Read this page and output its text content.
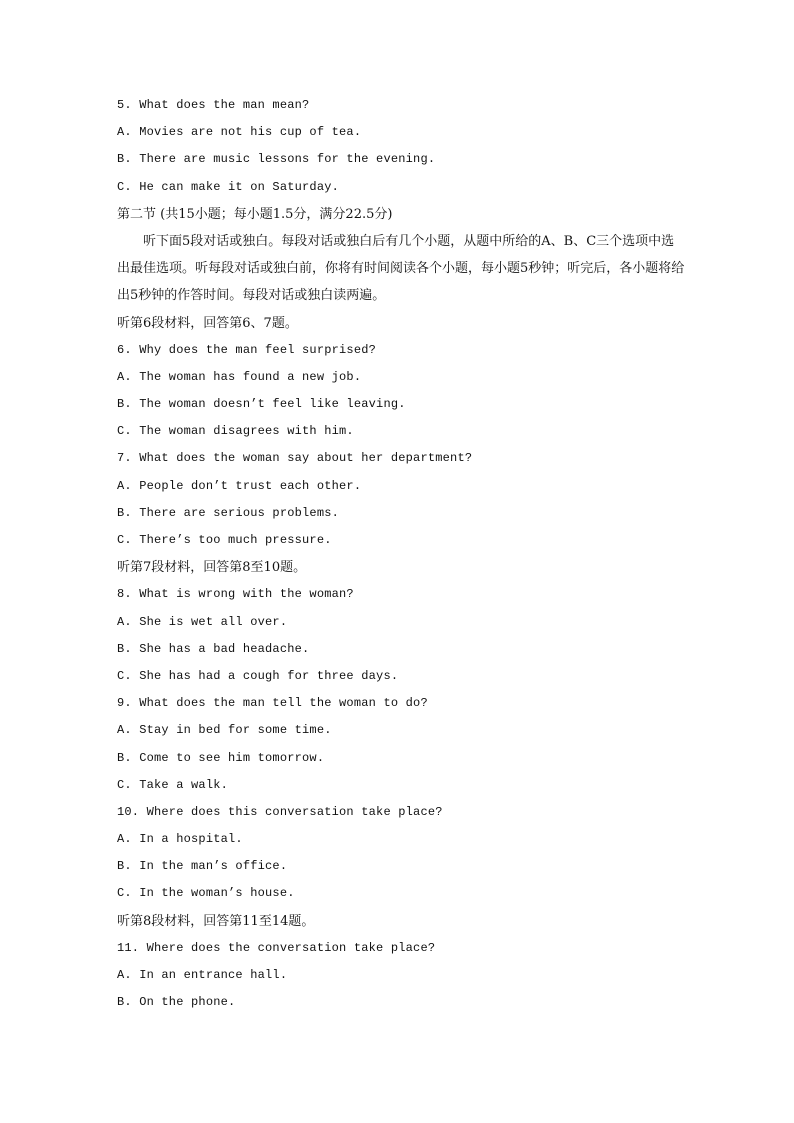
5. What does the man mean?
A. Movies are not his cup of tea.
B. There are music lessons for the evening.
C. He can make it on Saturday.
第二节 (共15小题；每小题1.5分，满分22.5分)

听下面5段对话或独白。每段对话或独白后有几个小题，从题中所给的A、B、C三个选项中选出最佳选项。听每段对话或独白前，你将有时间阅读各个小题，每小题5秒钟；听完后，各小题将给出5秒钟的作答时间。每段对话或独白读两遍。

听第6段材料，回答第6、7题。
6. Why does the man feel surprised?
A. The woman has found a new job.
B. The woman doesn’t feel like leaving.
C. The woman disagrees with him.
7. What does the woman say about her department?
A. People don’t trust each other.
B. There are serious problems.
C. There’s too much pressure.
听第7段材料，回答第8至10题。
8. What is wrong with the woman?
A. She is wet all over.
B. She has a bad headache.
C. She has had a cough for three days.
9. What does the man tell the woman to do?
A. Stay in bed for some time.
B. Come to see him tomorrow.
C. Take a walk.
10. Where does this conversation take place?
A. In a hospital.
B. In the man’s office.
C. In the woman’s house.
听第8段材料，回答第11至14题。
11. Where does the conversation take place?
A. In an entrance hall.
B. On the phone.
